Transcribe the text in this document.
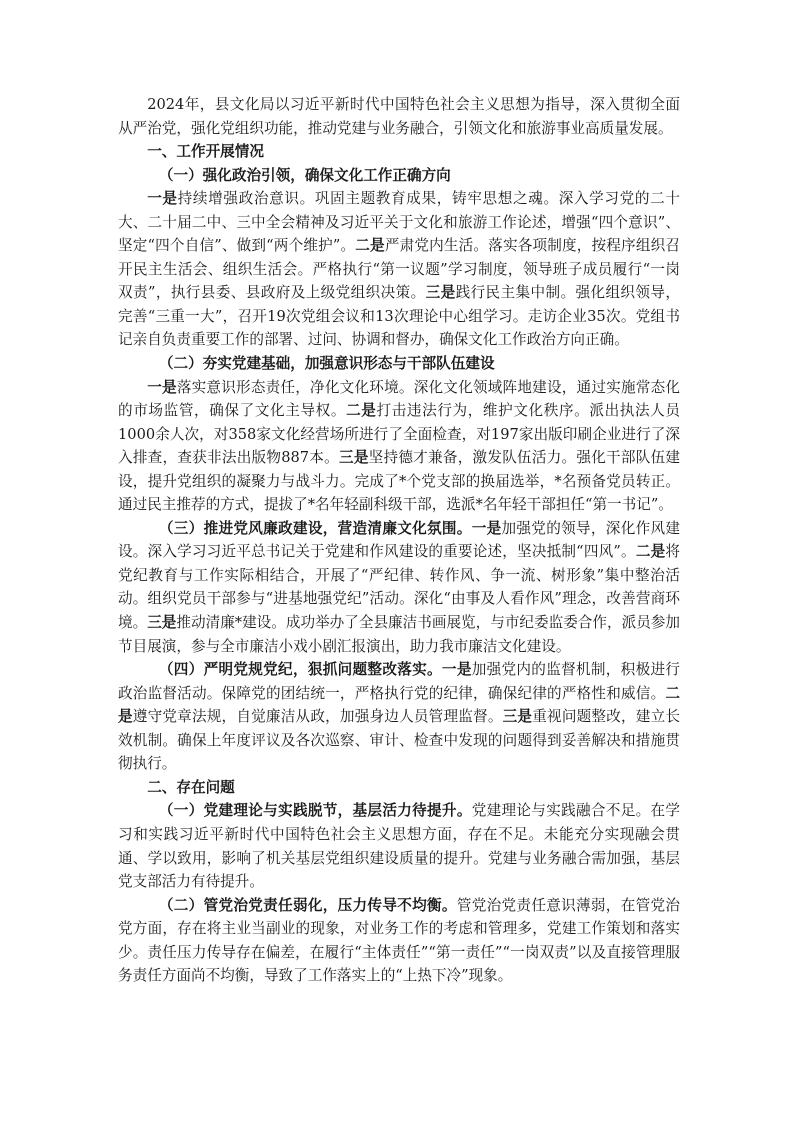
2024年，县文化局以习近平新时代中国特色社会主义思想为指导，深入贯彻全面从严治党，强化党组织功能，推动党建与业务融合，引领文化和旅游事业高质量发展。

一、工作开展情况

（一）强化政治引领，确保文化工作正确方向

一是持续增强政治意识。巩固主题教育成果，铸牢思想之魂。深入学习党的二十大、二十届二中、三中全会精神及习近平关于文化和旅游工作论述，增强“四个意识”、坚定“四个自信”、做到“两个维护”。二是严肃党内生活。落实各项制度，按程序组织召开民主生活会、组织生活会。严格执行“第一议题”学习制度，领导班子成员履行“一岗双责”，执行县委、县政府及上级党组织决策。三是践行民主集中制。强化组织领导，完善“三重一大”，召开19次党组会议和13次理论中心组学习。走访企业35次。党组书记亲自负责重要工作的部署、过问、协调和督办，确保文化工作政治方向正确。

（二）夯实党建基础，加强意识形态与干部队伍建设

一是落实意识形态责任，净化文化环境。深化文化领域阵地建设，通过实施常态化的市场监管，确保了文化主导权。二是打击违法行为，维护文化秩序。派出执法人员1000余人次，对358家文化经营场所进行了全面检查，对197家出版印刷企业进行了深入排查，查获非法出版物887本。三是坚持德才兼备，激发队伍活力。强化干部队伍建设，提升党组织的凝聚力与战斗力。完成了*个党支部的换届选举，*名预备党员转正。通过民主推荐的方式，提拔了*名年轻副科级干部，选派*名年轻干部担任“第一书记”。

（三）推进党风廉政建设，营造清廉文化氛围。一是加强党的领导，深化作风建设。深入学习习近平总书记关于党建和作风建设的重要论述，坚决抵制“四风”。二是将党纪教育与工作实际相结合，开展了“严纪律、转作风、争一流、树形象”集中整治活动。组织党员干部参与“进基地强党纪”活动。深化“由事及人看作风”理念，改善营商环境。三是推动清廉*建设。成功举办了全县廉洁书画展览，与市纪委监委合作，派员参加节目展演，参与全市廉洁小戏小剧汇报演出，助力我市廉洁文化建设。

（四）严明党规党纪，狠抓问题整改落实。一是加强党内的监督机制，积极进行政治监督活动。保障党的团结统一，严格执行党的纪律，确保纪律的严格性和威信。二是遵守党章法规，自觉廉洁从政，加强身边人员管理监督。三是重视问题整改，建立长效机制。确保上年度评议及各次巡察、审计、检查中发现的问题得到妥善解决和措施贯彻执行。

二、存在问题

（一）党建理论与实践脱节，基层活力待提升。党建理论与实践融合不足。在学习和实践习近平新时代中国特色社会主义思想方面，存在不足。未能充分实现融会贯通、学以致用，影响了机关基层党组织建设质量的提升。党建与业务融合需加强，基层党支部活力有待提升。

（二）管党治党责任弱化，压力传导不均衡。管党治党责任意识薄弱，在管党治党方面，存在将主业当副业的现象，对业务工作的考虑和管理多，党建工作策划和落实少。责任压力传导存在偏差，在履行“主体责任”“第一责任”“一岗双责”以及直接管理服务责任方面尚不均衡，导致了工作落实上的“上热下冷”现象。
